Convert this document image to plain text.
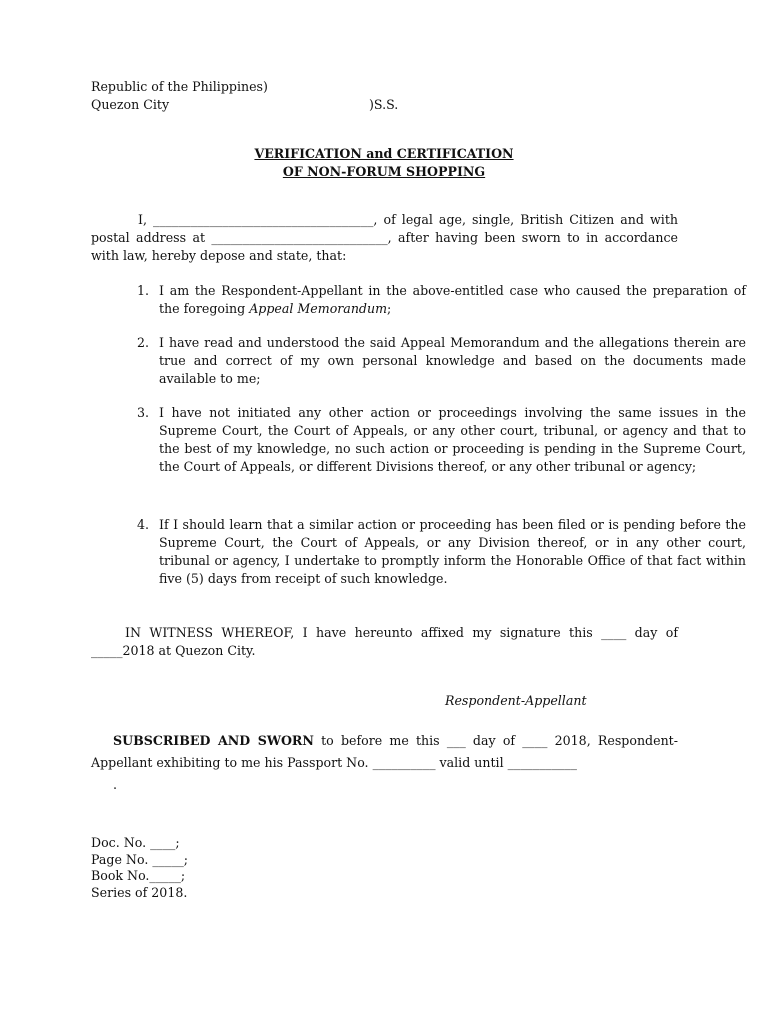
Republic of the Philippines)
Quezon City	)S.S.
VERIFICATION and CERTIFICATION
OF NON-FORUM SHOPPING
I, ___________________________________, of legal age, single, British Citizen and with postal address at ____________________________, after having been sworn to in accordance with law, hereby depose and state, that:
1. I am the Respondent-Appellant in the above-entitled case who caused the preparation of the foregoing Appeal Memorandum;
2. I have read and understood the said Appeal Memorandum and the allegations therein are true and correct of my own personal knowledge and based on the documents made available to me;
3. I have not initiated any other action or proceedings involving the same issues in the Supreme Court, the Court of Appeals, or any other court, tribunal, or agency and that to the best of my knowledge, no such action or proceeding is pending in the Supreme Court, the Court of Appeals, or different Divisions thereof, or any other tribunal or agency;
4. If I should learn that a similar action or proceeding has been filed or is pending before the Supreme Court, the Court of Appeals, or any Division thereof, or in any other court, tribunal or agency, I undertake to promptly inform the Honorable Office of that fact within five (5) days from receipt of such knowledge.
IN WITNESS WHEREOF, I have hereunto affixed my signature this ____ day of _____2018 at Quezon City.
Respondent-Appellant
SUBSCRIBED AND SWORN to before me this ___ day of ____ 2018, Respondent-Appellant exhibiting to me his Passport No. __________ valid until ___________
.
Doc. No. ____;
Page No. _____;
Book No._____;
Series of 2018.
